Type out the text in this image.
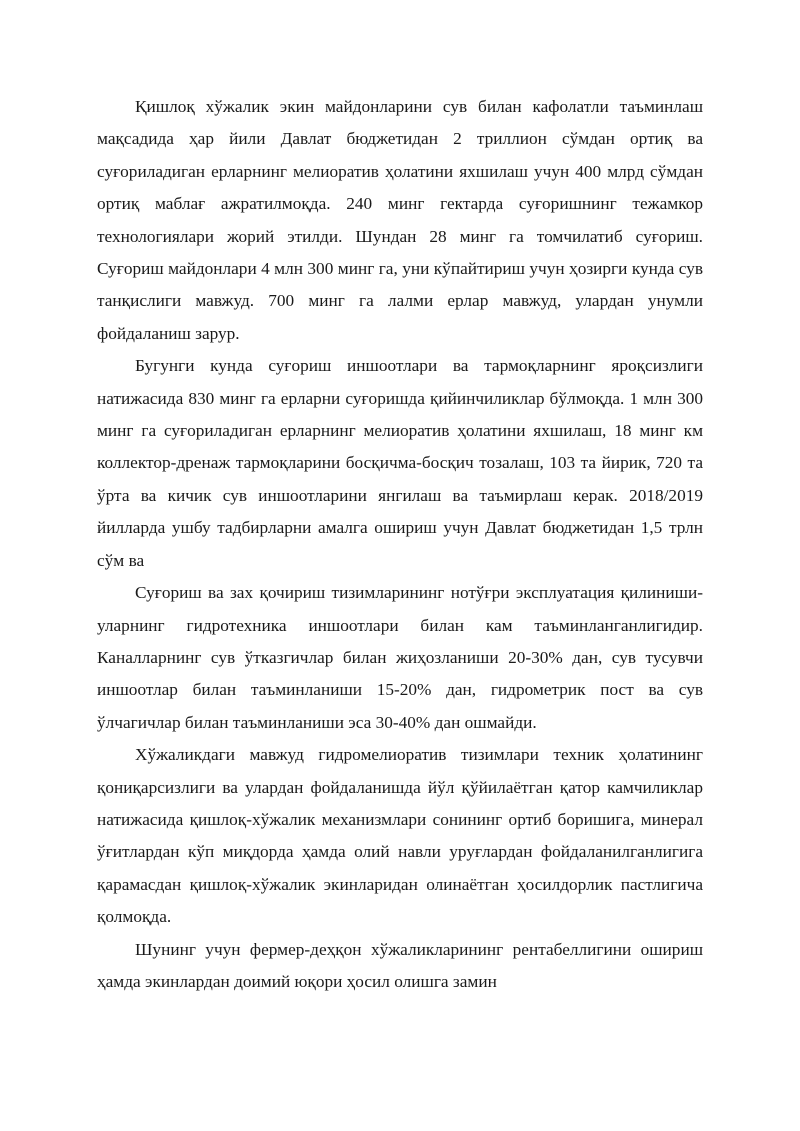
Қишлоқ хўжалик экин майдонларини сув билан кафолатли таъминлаш мақсадида ҳар йили Давлат бюджетидан 2 триллион сўмдан ортиқ ва суғориладиган ерларнинг мелиоратив ҳолатини яхшилаш учун 400 млрд сўмдан ортиқ маблағ ажратилмоқда. 240 минг гектарда суғоришнинг тежамкор технологиялари жорий этилди. Шундан 28 минг га томчилатиб суғориш. Суғориш майдонлари 4 млн 300 минг га, уни кўпайтириш учун ҳозирги кунда сув танқислиги мавжуд. 700 минг га лалми ерлар мавжуд, улардан унумли фойдаланиш зарур.

Бугунги кунда суғориш иншоотлари ва тармоқларнинг яроқсизлиги натижасида 830 минг га ерларни суғоришда қийинчиликлар бўлмоқда. 1 млн 300 минг га суғориладиган ерларнинг мелиоратив ҳолатини яхшилаш, 18 минг км коллектор-дренаж тармоқларини босқичма-босқич тозалаш, 103 та йирик, 720 та ўрта ва кичик сув иншоотларини янгилаш ва таъмирлаш керак. 2018/2019 йилларда ушбу тадбирларни амалга ошириш учун Давлат бюджетидан 1,5 трлн сўм ва

Суғориш ва зах қочириш тизимларининг нотўғри эксплуатация қилиниши-уларнинг гидротехника иншоотлари билан кам таъминланганлигидир. Каналларнинг сув ўтказгичлар билан жиҳозланиши 20-30% дан, сув тусувчи иншоотлар билан таъминланиши 15-20% дан, гидрометрик пост ва сув ўлчагичлар билан таъминланиши эса 30-40% дан ошмайди.

Хўжаликдаги мавжуд гидромелиоратив тизимлари техник ҳолатининг қониқарсизлиги ва улардан фойдаланишда йўл қўйилаётган қатор камчиликлар натижасида қишлоқ-хўжалик механизмлари сонининг ортиб боришига, минерал ўғитлардан кўп миқдорда ҳамда олий навли уруғлардан фойдаланилганлигига қарамасдан қишлоқ-хўжалик экинларидан олинаётган ҳосилдорлик пастлигича қолмоқда.

Шунинг учун фермер-деҳқон хўжаликларининг рентабеллигини ошириш ҳамда экинлардан доимий юқори ҳосил олишга замин
